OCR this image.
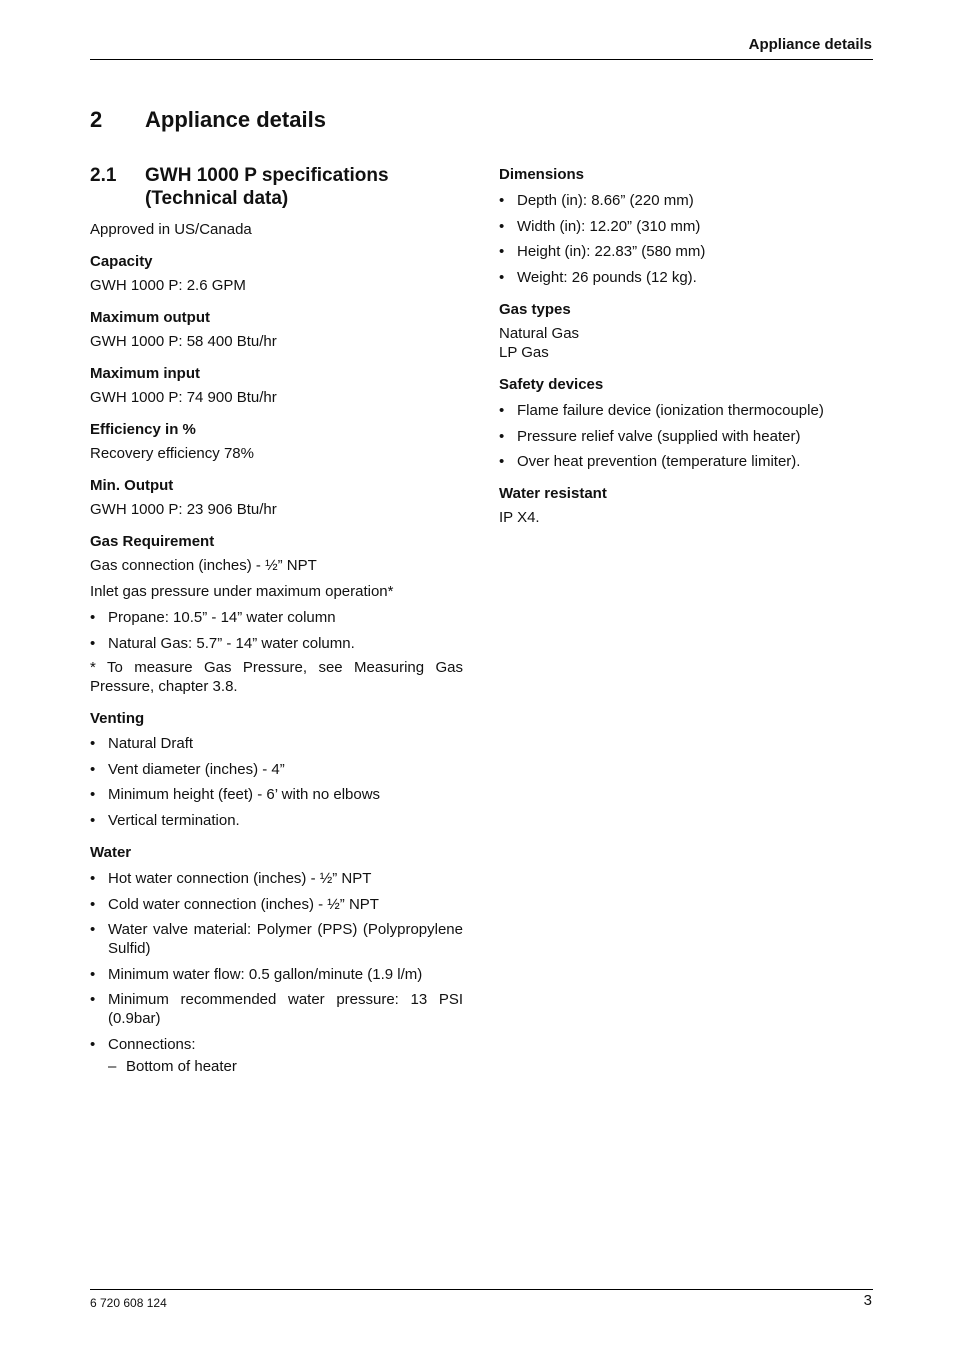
Appliance details
2 Appliance details
2.1	GWH 1000 P specifications (Technical data)
Approved in US/Canada
Capacity
GWH 1000 P: 2.6 GPM
Maximum output
GWH 1000 P: 58 400 Btu/hr
Maximum input
GWH 1000 P: 74 900 Btu/hr
Efficiency in %
Recovery efficiency 78%
Min. Output
GWH 1000 P: 23 906 Btu/hr
Gas Requirement
Gas connection (inches) - ½” NPT
Inlet gas pressure under maximum operation*
• Propane: 10.5” - 14” water column
• Natural Gas: 5.7” - 14” water column.
* To measure Gas Pressure, see Measuring Gas Pressure, chapter 3.8.
Venting
• Natural Draft
• Vent diameter (inches) - 4”
• Minimum height (feet) - 6’ with no elbows
• Vertical termination.
Water
• Hot water connection (inches) - ½” NPT
• Cold water connection (inches) - ½” NPT
• Water valve material: Polymer (PPS) (Polypropylene Sulfid)
• Minimum water flow: 0.5 gallon/minute (1.9 l/m)
• Minimum recommended water pressure: 13 PSI (0.9bar)
• Connections:
– Bottom of heater
Dimensions
• Depth (in): 8.66” (220 mm)
• Width (in): 12.20” (310 mm)
• Height (in): 22.83” (580 mm)
• Weight: 26 pounds (12 kg).
Gas types
Natural Gas
LP Gas
Safety devices
• Flame failure device (ionization thermocouple)
• Pressure relief valve (supplied with heater)
• Over heat prevention (temperature limiter).
Water resistant
IP X4.
6 720 608 124	3
